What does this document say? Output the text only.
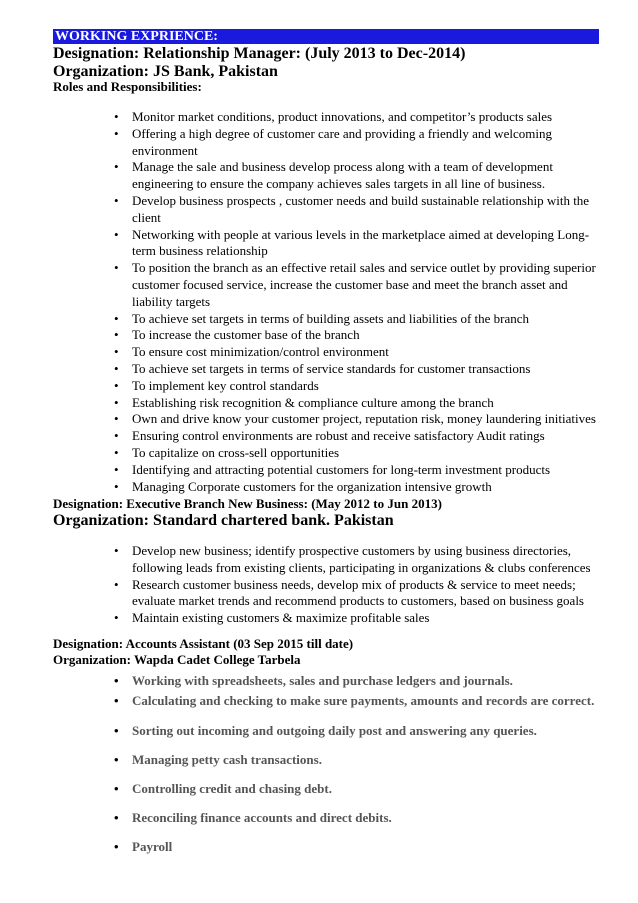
WORKING EXPRIENCE:
Designation: Relationship Manager: (July 2013 to Dec-2014)
Organization: JS Bank, Pakistan
Roles and Responsibilities:
• Monitor market conditions, product innovations, and competitor’s products sales
• Offering a high degree of customer care and providing a friendly and welcoming environment
• Manage the sale and business develop process along with a team of development engineering to ensure the company achieves sales targets in all line of business.
• Develop business prospects , customer needs and build sustainable relationship with the client
• Networking with people at various levels in the marketplace aimed at developing Long-term business relationship
• To position the branch as an effective retail sales and service outlet by providing superior customer focused service, increase the customer base and meet the branch asset and liability targets
• To achieve set targets in terms of building assets and liabilities of the branch
• To increase the customer base of the branch
• To ensure cost minimization/control environment
• To achieve set targets in terms of service standards for customer transactions
• To implement key control standards
• Establishing risk recognition & compliance culture among the branch
• Own and drive know your customer project, reputation risk, money laundering initiatives
• Ensuring control environments are robust and receive satisfactory Audit ratings
• To capitalize on cross-sell opportunities
• Identifying and attracting potential customers for long-term investment products
• Managing Corporate customers for the organization intensive growth
Designation: Executive Branch New Business: (May 2012 to Jun 2013)
Organization: Standard chartered bank. Pakistan
• Develop new business; identify prospective customers by using business directories, following leads from existing clients, participating in organizations & clubs conferences
• Research customer business needs, develop mix of products & service to meet needs; evaluate market trends and recommend products to customers, based on business goals
• Maintain existing customers & maximize profitable sales
Designation: Accounts Assistant (03 Sep 2015 till date)
Organization: Wapda Cadet College Tarbela
• Working with spreadsheets, sales and purchase ledgers and journals.
• Calculating and checking to make sure payments, amounts and records are correct.
• Sorting out incoming and outgoing daily post and answering any queries.
• Managing petty cash transactions.
• Controlling credit and chasing debt.
• Reconciling finance accounts and direct debits.
• Payroll
